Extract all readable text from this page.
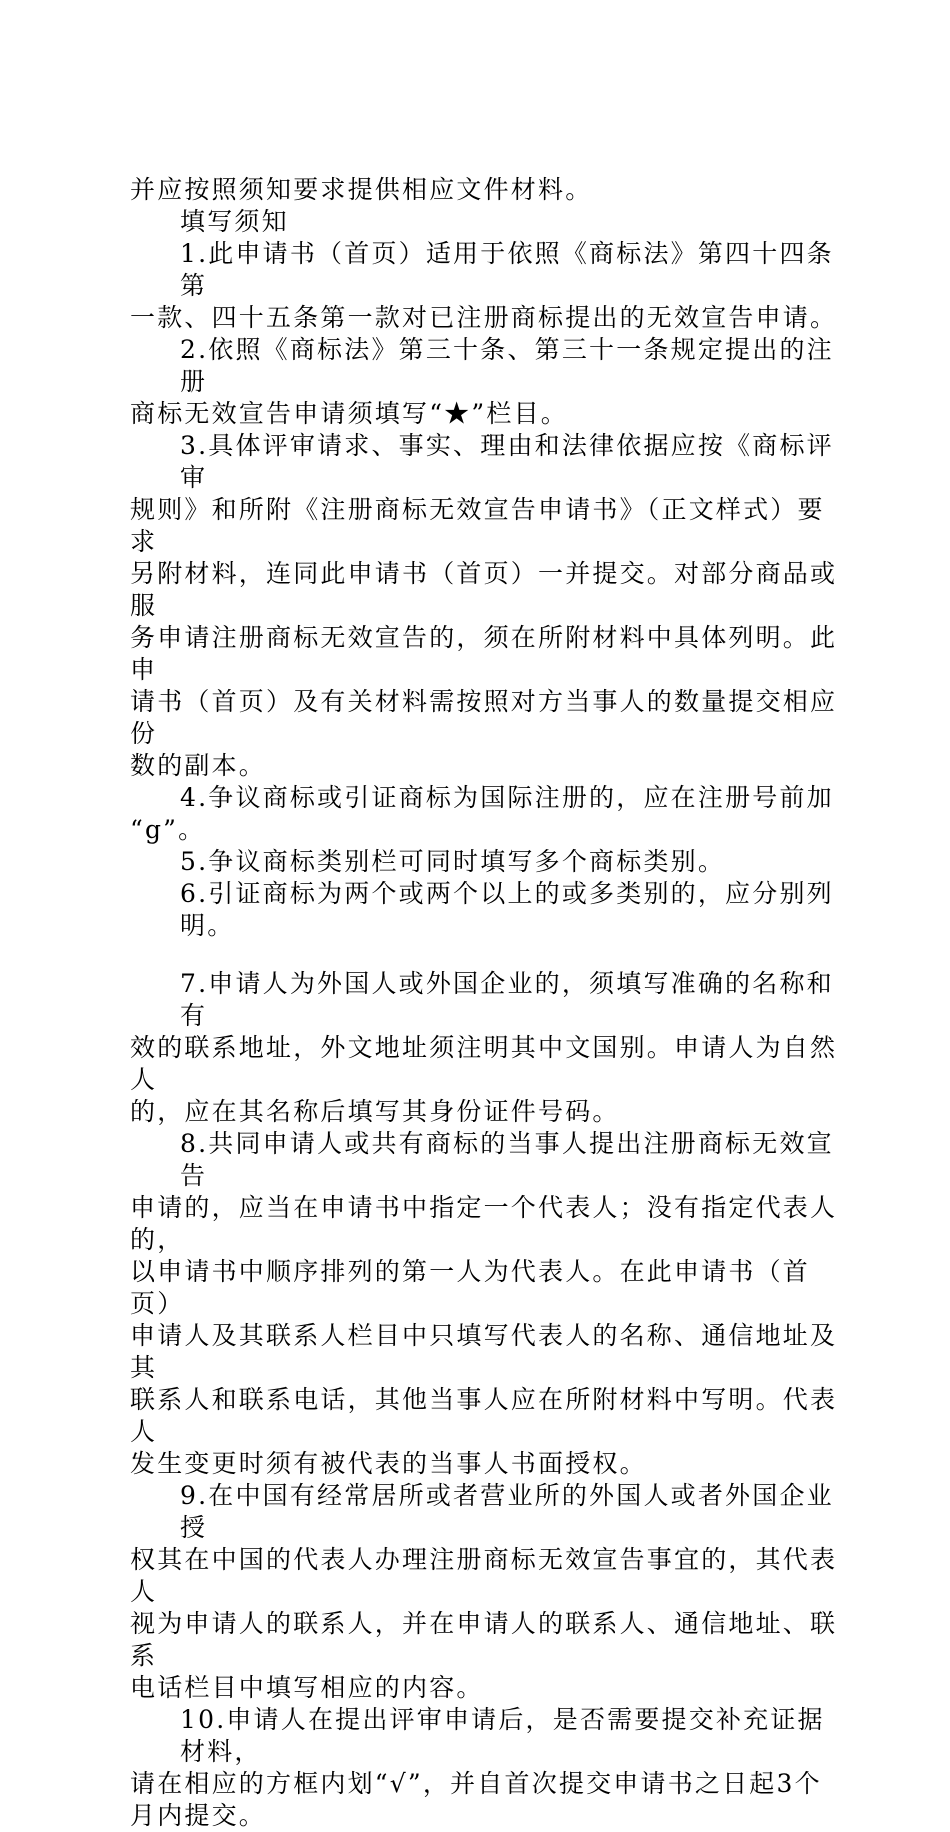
并应按照须知要求提供相应文件材料。

填写须知

1.此申请书（首页）适用于依照《商标法》第四十四条第

一款、四十五条第一款对已注册商标提出的无效宣告申请。

2.依照《商标法》第三十条、第三十一条规定提出的注册

商标无效宣告申请须填写“★”栏目。

3.具体评审请求、事实、理由和法律依据应按《商标评审

规则》和所附《注册商标无效宣告申请书》（正文样式）要求

另附材料，连同此申请书（首页）一并提交。对部分商品或服

务申请注册商标无效宣告的，须在所附材料中具体列明。此申

请书（首页）及有关材料需按照对方当事人的数量提交相应份

数的副本。

4.争议商标或引证商标为国际注册的，应在注册号前加

“g”。

5.争议商标类别栏可同时填写多个商标类别。

6.引证商标为两个或两个以上的或多类别的，应分别列明。

7.申请人为外国人或外国企业的，须填写准确的名称和有

效的联系地址，外文地址须注明其中文国别。申请人为自然人

的，应在其名称后填写其身份证件号码。

8.共同申请人或共有商标的当事人提出注册商标无效宣告

申请的，应当在申请书中指定一个代表人；没有指定代表人的，

以申请书中顺序排列的第一人为代表人。在此申请书（首页）

申请人及其联系人栏目中只填写代表人的名称、通信地址及其

联系人和联系电话，其他当事人应在所附材料中写明。代表人

发生变更时须有被代表的当事人书面授权。

9.在中国有经常居所或者营业所的外国人或者外国企业授

权其在中国的代表人办理注册商标无效宣告事宜的，其代表人

视为申请人的联系人，并在申请人的联系人、通信地址、联系

电话栏目中填写相应的内容。

10.申请人在提出评审申请后，是否需要提交补充证据材料，

请在相应的方框内划“√”，并自首次提交申请书之日起3个

月内提交。
